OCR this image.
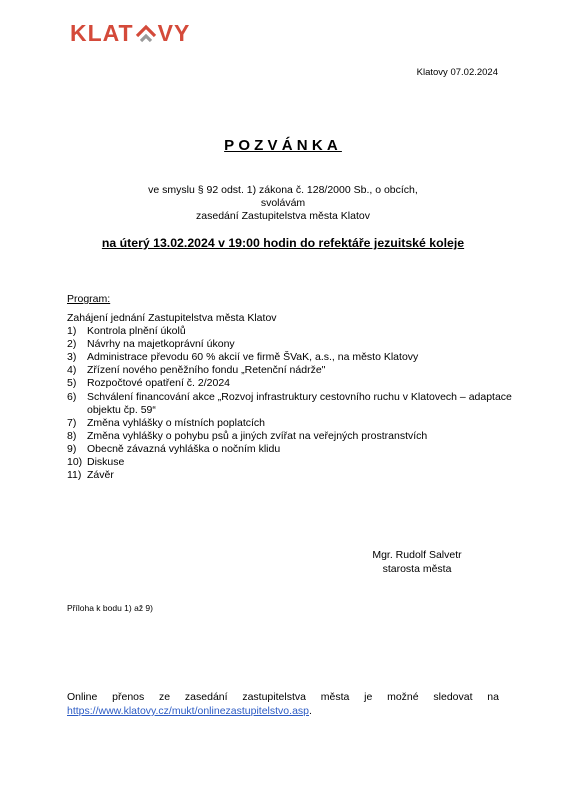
KLAT VY
Klatovy 07.02.2024
POZVÁNKA
ve smyslu § 92 odst. 1) zákona č. 128/2000 Sb., o obcích,
svolávám
zasedání Zastupitelstva města Klatov
na úterý 13.02.2024 v 19:00 hodin do refektáře jezuitské koleje
Program:

Zahájení jednání Zastupitelstva města Klatov

1)	Kontrola plnění úkolů
2)	Návrhy na majetkoprávní úkony
3)	Administrace převodu 60 % akcií ve firmě ŠVaK, a.s., na město Klatovy
4)	Zřízení nového peněžního fondu „Retenční nádrže"
5)	Rozpočtové opatření č. 2/2024
6)	Schválení financování akce „Rozvoj infrastruktury cestovního ruchu v Klatovech – adaptace objektu čp. 59“
7)	Změna vyhlášky o místních poplatcích
8)	Změna vyhlášky o pohybu psů a jiných zvířat na veřejných prostranstvích
9)	Obecně závazná vyhláška o nočním klidu
10) Diskuse
11) Závěr
Mgr. Rudolf Salvetr
starosta města
Příloha k bodu 1) až 9)
Online přenos ze zasedání zastupitelstva města je možné sledovat na https://www.klatovy.cz/mukt/onlinezastupitelstvo.asp.
